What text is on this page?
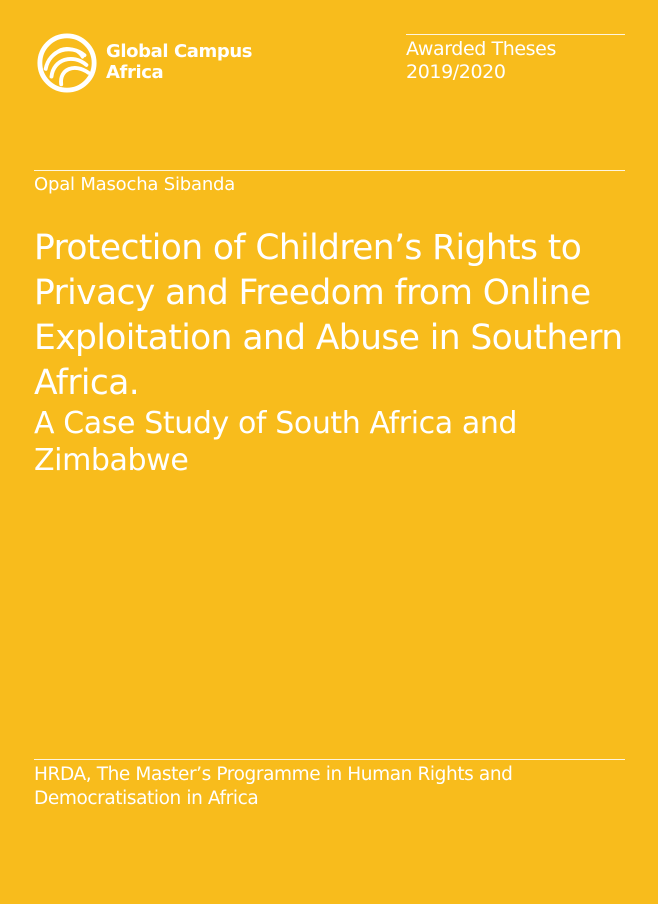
Global Campus
Africa
Awarded Theses
2019/2020
Opal Masocha Sibanda
Protection of Children’s Rights to Privacy and Freedom from Online Exploitation and Abuse in Southern Africa.
A Case Study of South Africa and Zimbabwe
HRDA, The Master’s Programme in Human Rights and Democratisation in Africa
